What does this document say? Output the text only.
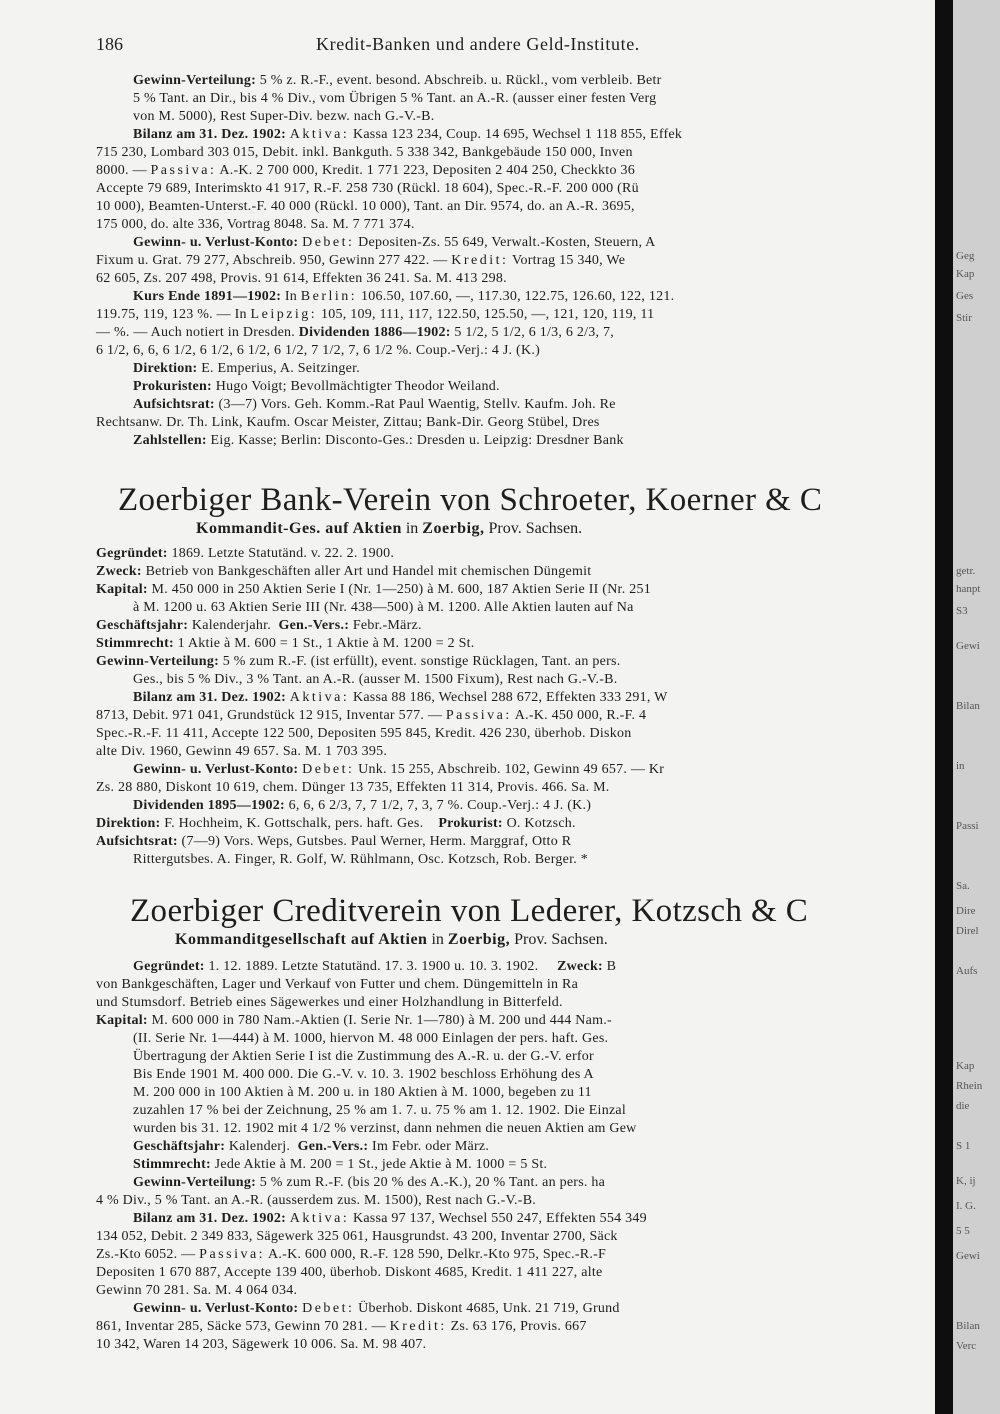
186	Kredit-Banken und andere Geld-Institute.
Gewinn-Verteilung: 5 % z. R.-F., event. besond. Abschreib. u. Rückl., vom verbleib. Betr
5 % Tant. an Dir., bis 4 % Div., vom Übrigen 5 % Tant. an A.-R. (ausser einer festen Verg
von M. 5000), Rest Super-Div. bezw. nach G.-V.-B.
Bilanz am 31. Dez. 1902: Aktiva: Kassa 123 234, Coup. 14 695, Wechsel 1 118 855, Effek
715 230, Lombard 303 015, Debit. inkl. Bankguth. 5 338 342, Bankgebäude 150 000, Inven
8000. — Passiva: A.-K. 2 700 000, Kredit. 1 771 223, Depositen 2 404 250, Checkkto 36
Accepte 79 689, Interimskto 41 917, R.-F. 258 730 (Rückl. 18 604), Spec.-R.-F. 200 000 (Rü
10 000), Beamten-Unterst.-F. 40 000 (Rückl. 10 000), Tant. an Dir. 9574, do. an A.-R. 3695,
175 000, do. alte 336, Vortrag 8048. Sa. M. 7 771 374.
Gewinn- u. Verlust-Konto: Debet: Depositen-Zs. 55 649, Verwalt.-Kosten, Steuern, A
Fixum u. Grat. 79 277, Abschreib. 950, Gewinn 277 422. — Kredit: Vortrag 15 340, We
62 605, Zs. 207 498, Provis. 91 614, Effekten 36 241. Sa. M. 413 298.
Kurs Ende 1891—1902: In Berlin: 106.50, 107.60, —, 117.30, 122.75, 126.60, 122, 121.
119.75, 119, 123 %. — In Leipzig: 105, 109, 111, 117, 122.50, 125.50, —, 121, 120, 119, 11
— %. — Auch notiert in Dresden. Dividenden 1886—1902: 5 1/2, 5 1/2, 6 1/3, 6 2/3, 7,
6 1/2, 6, 6, 6 1/2, 6 1/2, 6 1/2, 6 1/2, 7 1/2, 7, 6 1/2 %. Coup.-Verj.: 4 J. (K.)
Direktion: E. Emperius, A. Seitzinger.
Prokuristen: Hugo Voigt; Bevollmächtigter Theodor Weiland.
Aufsichtsrat: (3—7) Vors. Geh. Komm.-Rat Paul Waentig, Stellv. Kaufm. Joh. Re
Rechtsanw. Dr. Th. Link, Kaufm. Oscar Meister, Zittau; Bank-Dir. Georg Stübel, Dres
Zahlstellen: Eig. Kasse; Berlin: Disconto-Ges.: Dresden u. Leipzig: Dresdner Bank
Zoerbiger Bank-Verein von Schroeter, Koerner & C
Kommandit-Ges. auf Aktien in Zoerbig, Prov. Sachsen.
Gegründet: 1869. Letzte Statutänd. v. 22. 2. 1900.
Zweck: Betrieb von Bankgeschäften aller Art und Handel mit chemischen Düngemit
Kapital: M. 450 000 in 250 Aktien Serie I (Nr. 1—250) à M. 600, 187 Aktien Serie II (Nr. 251
à M. 1200 u. 63 Aktien Serie III (Nr. 438—500) à M. 1200. Alle Aktien lauten auf Na
Geschäftsjahr: Kalenderjahr. Gen.-Vers.: Febr.-März.
Stimmrecht: 1 Aktie à M. 600 = 1 St., 1 Aktie à M. 1200 = 2 St.
Gewinn-Verteilung: 5 % zum R.-F. (ist erfüllt), event. sonstige Rücklagen, Tant. an pers.
Ges., bis 5 % Div., 3 % Tant. an A.-R. (ausser M. 1500 Fixum), Rest nach G.-V.-B.
Bilanz am 31. Dez. 1902: Aktiva: Kassa 88 186, Wechsel 288 672, Effekten 333 291, W
8713, Debit. 971 041, Grundstück 12 915, Inventar 577. — Passiva: A.-K. 450 000, R.-F. 4
Spec.-R.-F. 11 411, Accepte 122 500, Depositen 595 845, Kredit. 426 230, überhob. Diskon
alte Div. 1960, Gewinn 49 657. Sa. M. 1 703 395.
Gewinn- u. Verlust-Konto: Debet: Unk. 15 255, Abschreib. 102, Gewinn 49 657. — Kr
Zs. 28 880, Diskont 10 619, chem. Dünger 13 735, Effekten 11 314, Provis. 466. Sa. M.
Dividenden 1895—1902: 6, 6, 6 2/3, 7, 7 1/2, 7, 3, 7 %. Coup.-Verj.: 4 J. (K.)
Direktion: F. Hochheim, K. Gottschalk, pers. haft. Ges. Prokurist: O. Kotzsch.
Aufsichtsrat: (7—9) Vors. Weps, Gutsbes. Paul Werner, Herm. Marggraf, Otto R
Rittergutsbes. A. Finger, R. Golf, W. Rühlmann, Osc. Kotzsch, Rob. Berger. *
Zoerbiger Creditverein von Lederer, Kotzsch & C
Kommanditgesellschaft auf Aktien in Zoerbig, Prov. Sachsen.
Gegründet: 1. 12. 1889. Letzte Statutänd. 17. 3. 1900 u. 10. 3. 1902. Zweck: B
von Bankgeschäften, Lager und Verkauf von Futter und chem. Düngemitteln in Ra
und Stumsdorf. Betrieb eines Sägewerkes und einer Holzhandlung in Bitterfeld.
Kapital: M. 600 000 in 780 Nam.-Aktien (I. Serie Nr. 1—780) à M. 200 und 444 Nam.-
(II. Serie Nr. 1—444) à M. 1000, hiervon M. 48 000 Einlagen der pers. haft. Ges.
Übertragung der Aktien Serie I ist die Zustimmung des A.-R. u. der G.-V. erfor
Bis Ende 1901 M. 400 000. Die G.-V. v. 10. 3. 1902 beschloss Erhöhung des A
M. 200 000 in 100 Aktien à M. 200 u. in 180 Aktien à M. 1000, begeben zu 11
zuzahlen 17 % bei der Zeichnung, 25 % am 1. 7. u. 75 % am 1. 12. 1902. Die Einzal
wurden bis 31. 12. 1902 mit 4 1/2 % verzinst, dann nehmen die neuen Aktien am Gew
Geschäftsjahr: Kalenderj. Gen.-Vers.: Im Febr. oder März.
Stimmrecht: Jede Aktie à M. 200 = 1 St., jede Aktie à M. 1000 = 5 St.
Gewinn-Verteilung: 5 % zum R.-F. (bis 20 % des A.-K.), 20 % Tant. an pers. ha
4 % Div., 5 % Tant. an A.-R. (ausserdem zus. M. 1500), Rest nach G.-V.-B.
Bilanz am 31. Dez. 1902: Aktiva: Kassa 97 137, Wechsel 550 247, Effekten 554 349
134 052, Debit. 2 349 833, Sägewerk 325 061, Hausgrundst. 43 200, Inventar 2700, Säck
Zs.-Kto 6052. — Passiva: A.-K. 600 000, R.-F. 128 590, Delkr.-Kto 975, Spec.-R.-F
Depositen 1 670 887, Accepte 139 400, überhob. Diskont 4685, Kredit. 1 411 227, alte
Gewinn 70 281. Sa. M. 4 064 034.
Gewinn- u. Verlust-Konto: Debet: Überhob. Diskont 4685, Unk. 21 719, Grund
861, Inventar 285, Säcke 573, Gewinn 70 281. — Kredit: Zs. 63 176, Provis. 667
10 342, Waren 14 203, Sägewerk 10 006. Sa. M. 98 407.
Geg
Kap
Ges
Stir
getr.
hanpt
S3
Gewi
Bilan
in
Passi
Sa.
Dire
Direl
Aufs
Kap
Rhein
die
S 1
K, ij
I. G.
5 5
Gewi
Bilan
Verc
